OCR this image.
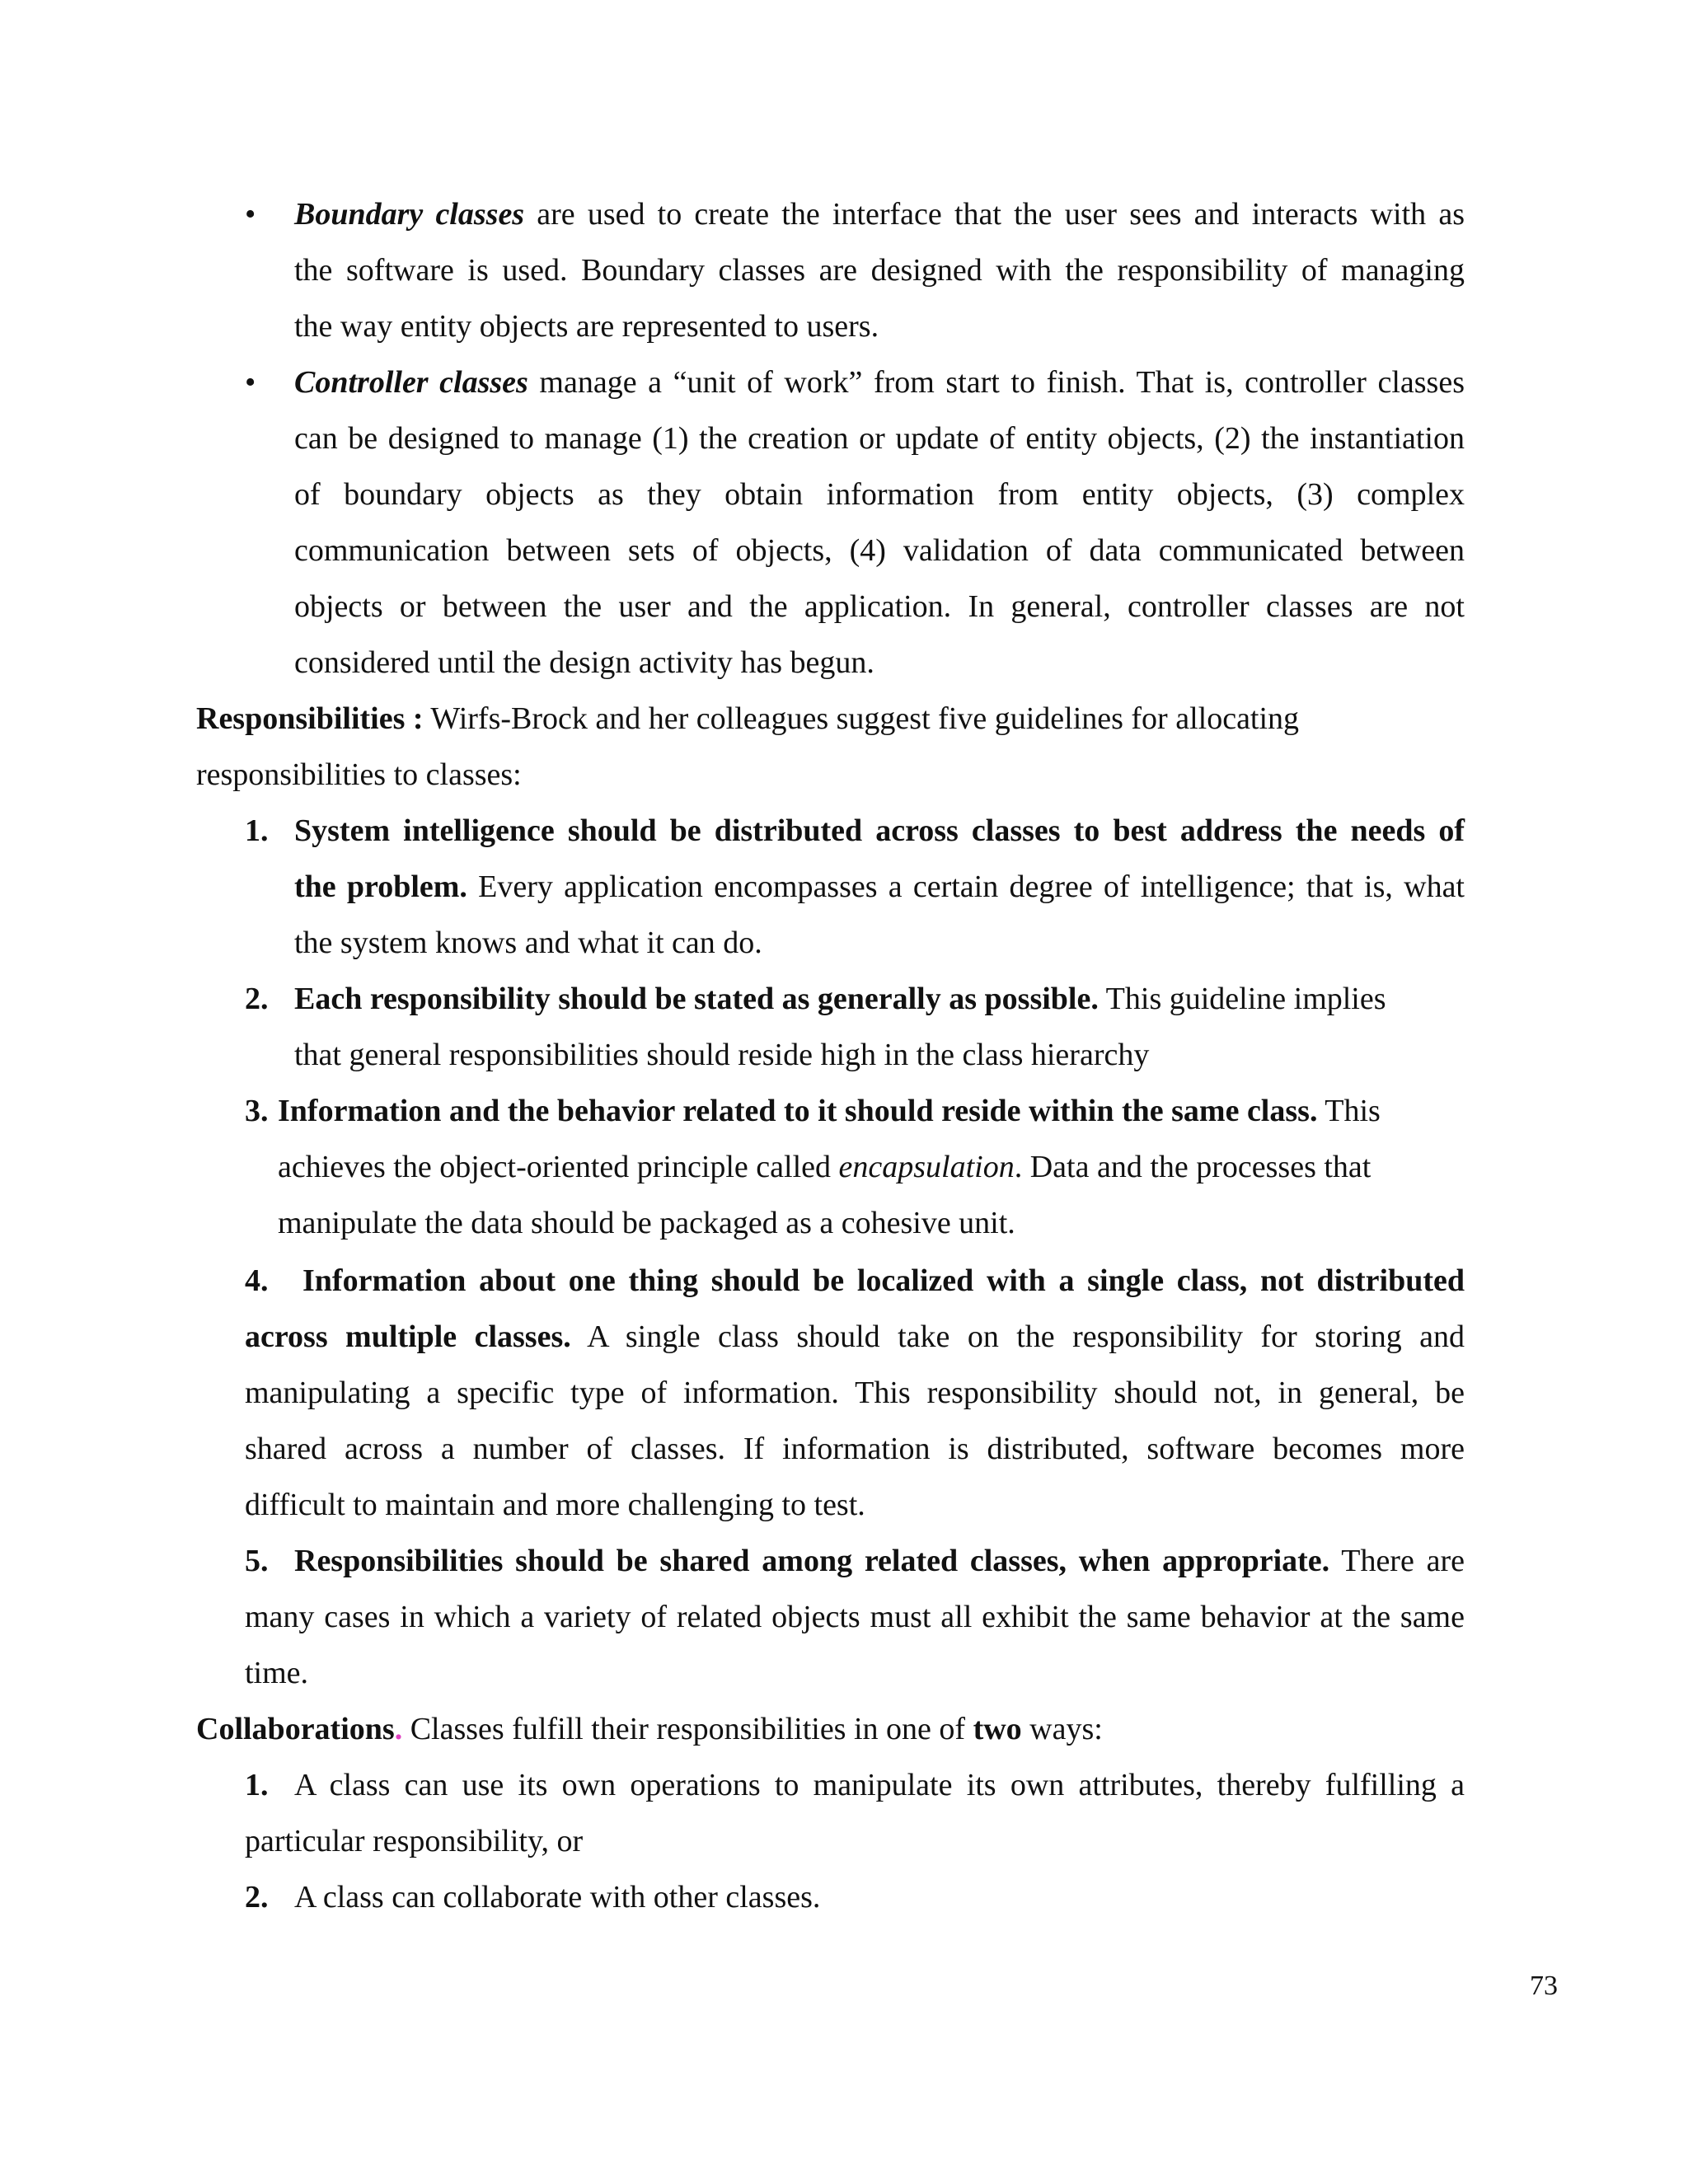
• Boundary classes are used to create the interface that the user sees and interacts with as
the software is used. Boundary classes are designed with the responsibility of managing
the way entity objects are represented to users.
• Controller classes manage a “unit of work” from start to finish. That is, controller classes
can be designed to manage (1) the creation or update of entity objects, (2) the instantiation
of boundary objects as they obtain information from entity objects, (3) complex
communication between sets of objects, (4) validation of data communicated between
objects or between the user and the application. In general, controller classes are not
considered until the design activity has begun.
Responsibilities : Wirfs-Brock and her colleagues suggest five guidelines for allocating
responsibilities to classes:
1. System intelligence should be distributed across classes to best address the needs of
the problem. Every application encompasses a certain degree of intelligence; that is, what
the system knows and what it can do.
2. Each responsibility should be stated as generally as possible. This guideline implies
that general responsibilities should reside high in the class hierarchy
3. Information and the behavior related to it should reside within the same class. This
achieves the object-oriented principle called encapsulation. Data and the processes that
manipulate the data should be packaged as a cohesive unit.
4. Information about one thing should be localized with a single class, not distributed
across multiple classes. A single class should take on the responsibility for storing and
manipulating a specific type of information. This responsibility should not, in general, be
shared across a number of classes. If information is distributed, software becomes more
difficult to maintain and more challenging to test.
5. Responsibilities should be shared among related classes, when appropriate. There are
many cases in which a variety of related objects must all exhibit the same behavior at the same
time.
Collaborations. Classes fulfill their responsibilities in one of two ways:
1. A class can use its own operations to manipulate its own attributes, thereby fulfilling a
particular responsibility, or
2. A class can collaborate with other classes.
73
